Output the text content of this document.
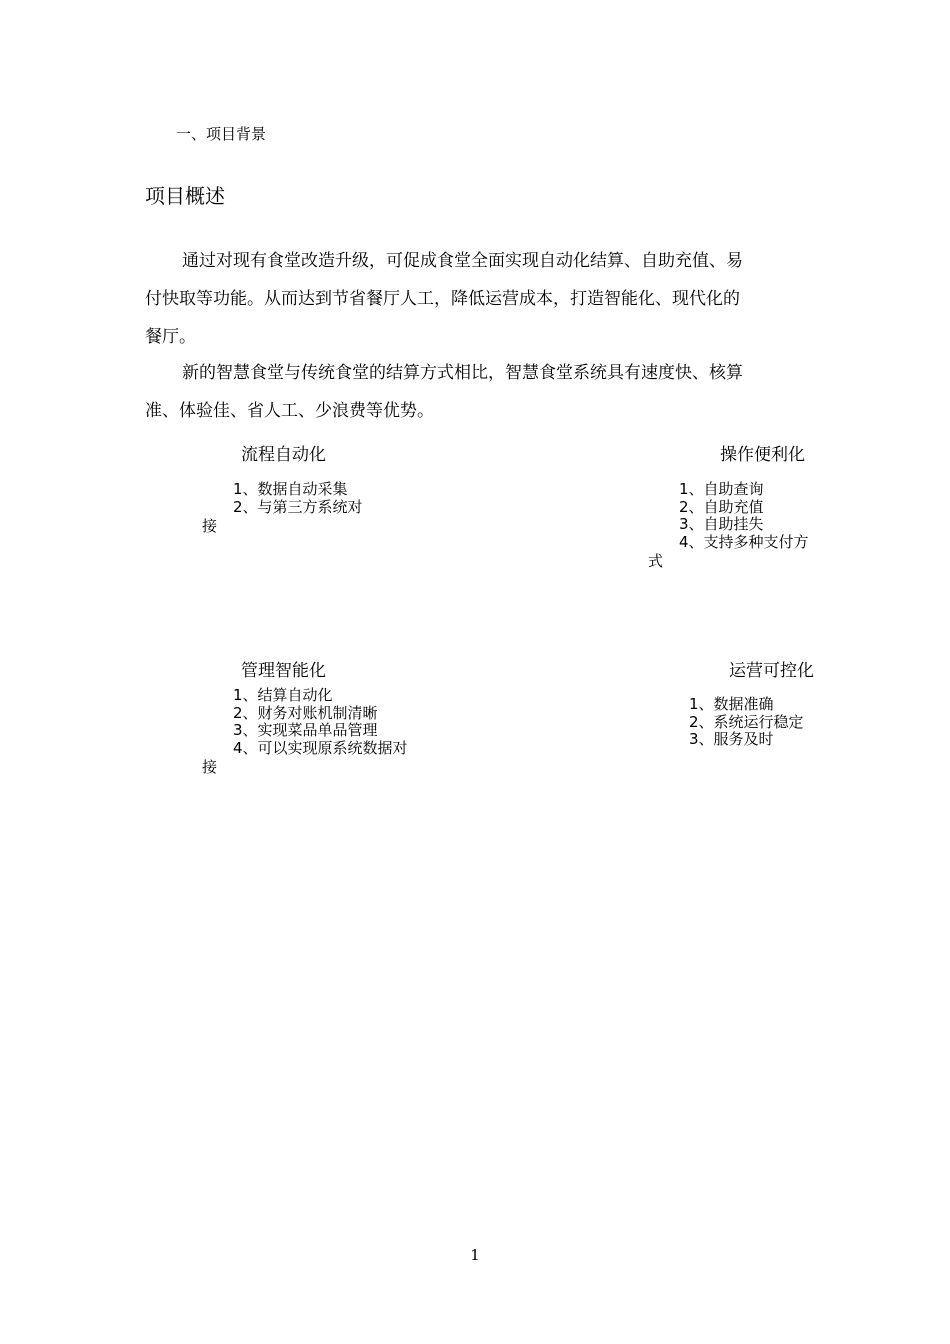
一、项目背景
项目概述
通过对现有食堂改造升级，可促成食堂全面实现自动化结算、自助充值、易
付快取等功能。从而达到节省餐厅人工，降低运营成本，打造智能化、现代化的
餐厅。
新的智慧食堂与传统食堂的结算方式相比，智慧食堂系统具有速度快、核算
准、体验佳、省人工、少浪费等优势。
流程自动化
1、数据自动采集
2、与第三方系统对
接
操作便利化
1、自助查询
2、自助充值
3、自助挂失
4、支持多种支付方
式
管理智能化
1、结算自动化
2、财务对账机制清晰
3、实现菜品单品管理
4、可以实现原系统数据对
接
运营可控化
1、数据准确
2、系统运行稳定
3、服务及时
1
